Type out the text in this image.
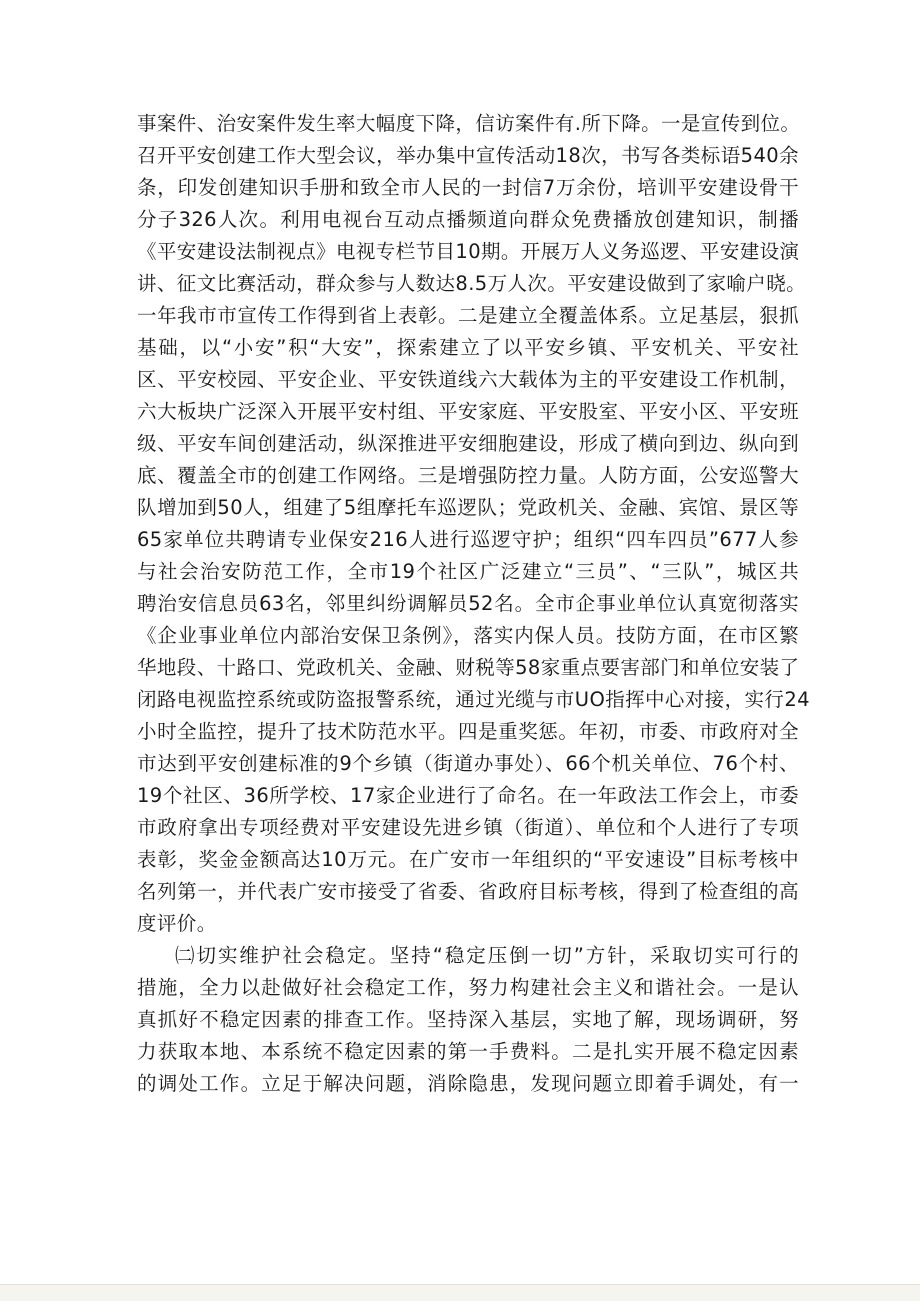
事案件、治安案件发生率大幅度下降，信访案件有.所下降。一是宣传到位。
召开平安创建工作大型会议，举办集中宣传活动18次，书写各类标语540余
条，印发创建知识手册和致全市人民的一封信7万余份，培训平安建设骨干
分子326人次。利用电视台互动点播频道向群众免费播放创建知识，制播
《平安建设法制视点》电视专栏节目10期。开展万人义务巡逻、平安建设演
讲、征文比赛活动，群众参与人数达8.5万人次。平安建设做到了家喻户晓。
一年我市市宣传工作得到省上表彰。二是建立全覆盖体系。立足基层，狠抓
基础，以“小安”积“大安”，探索建立了以平安乡镇、平安机关、平安社
区、平安校园、平安企业、平安铁道线六大载体为主的平安建设工作机制，
六大板块广泛深入开展平安村组、平安家庭、平安股室、平安小区、平安班
级、平安车间创建活动，纵深推进平安细胞建设，形成了横向到边、纵向到
底、覆盖全市的创建工作网络。三是增强防控力量。人防方面，公安巡警大
队增加到50人，组建了5组摩托车巡逻队；党政机关、金融、宾馆、景区等
65家单位共聘请专业保安216人进行巡逻守护；组织“四车四员”677人参
与社会治安防范工作，全市19个社区广泛建立“三员”、“三队”，城区共
聘治安信息员63名，邻里纠纷调解员52名。全市企事业单位认真宽彻落实
《企业事业单位内部治安保卫条例》，落实内保人员。技防方面，在市区繁
华地段、十路口、党政机关、金融、财税等58家重点要害部门和单位安装了
闭路电视监控系统或防盗报警系统，通过光缆与市UO指挥中心对接，实行24
小时全监控，提升了技术防范水平。四是重奖惩。年初，市委、市政府对全
市达到平安创建标准的9个乡镇（街道办事处）、66个机关单位、76个村、
19个社区、36所学校、17家企业进行了命名。在一年政法工作会上，市委
市政府拿出专项经费对平安建设先进乡镇（街道）、单位和个人进行了专项
表彰，奖金金额高达10万元。在广安市一年组织的“平安速设”目标考核中
名列第一，并代表广安市接受了省委、省政府目标考核，得到了检查组的高
度评价。
㈡切实维护社会稳定。坚持“稳定压倒一切”方针，采取切实可行的
措施，全力以赴做好社会稳定工作，努力构建社会主义和谐社会。一是认
真抓好不稳定因素的排查工作。坚持深入基层，实地了解，现场调研，努
力获取本地、本系统不稳定因素的第一手费料。二是扎实开展不稳定因素
的调处工作。立足于解决问题，消除隐患，发现问题立即着手调处，有一
